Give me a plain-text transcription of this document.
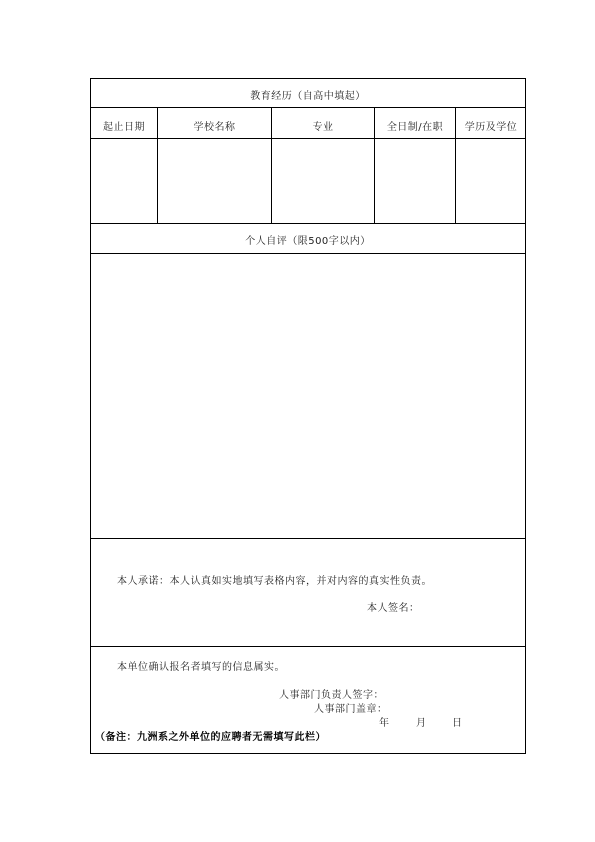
教育经历（自高中填起）
起止日期	学校名称	专业	全日制/在职	学历及学位
个人自评（限500字以内）
本人承诺：本人认真如实地填写表格内容，并对内容的真实性负责。
本人签名：
本单位确认报名者填写的信息属实。
人事部门负责人签字：
人事部门盖章：
年	月	日
（备注：九洲系之外单位的应聘者无需填写此栏）
